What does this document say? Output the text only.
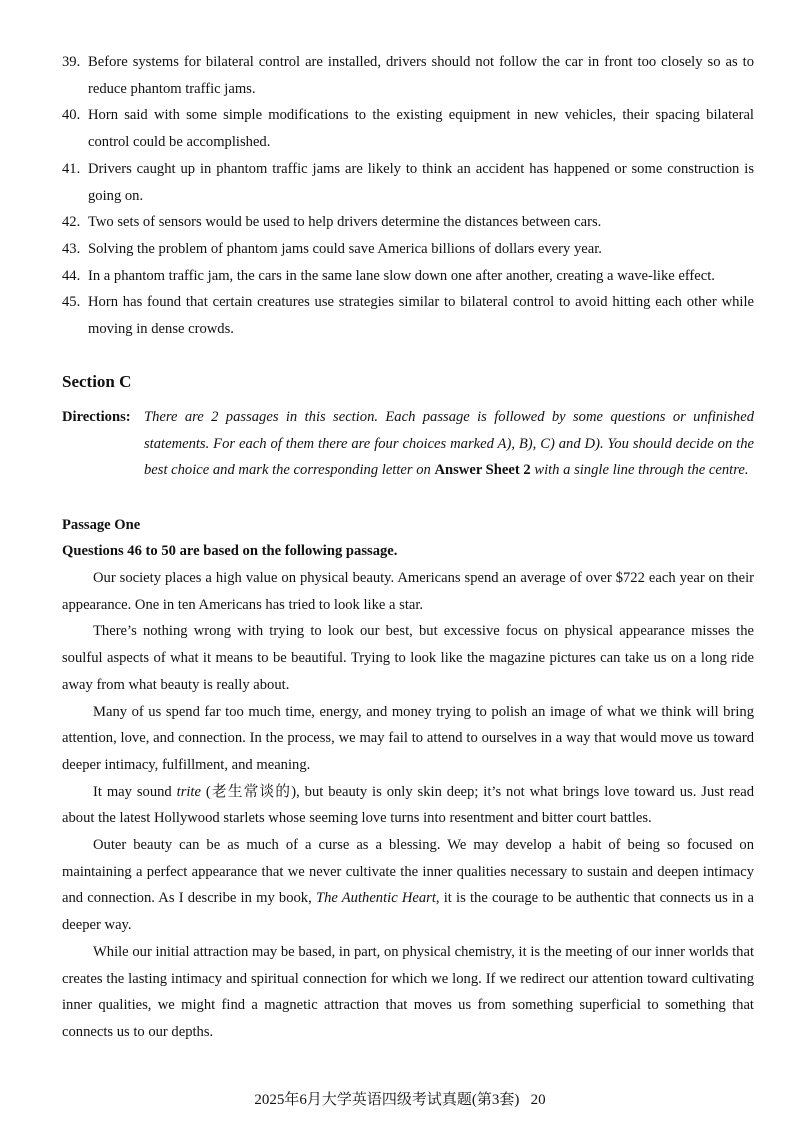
39. Before systems for bilateral control are installed, drivers should not follow the car in front too closely so as to reduce phantom traffic jams.
40. Horn said with some simple modifications to the existing equipment in new vehicles, their spacing bilateral control could be accomplished.
41. Drivers caught up in phantom traffic jams are likely to think an accident has happened or some construction is going on.
42. Two sets of sensors would be used to help drivers determine the distances between cars.
43. Solving the problem of phantom jams could save America billions of dollars every year.
44. In a phantom traffic jam, the cars in the same lane slow down one after another, creating a wave-like effect.
45. Horn has found that certain creatures use strategies similar to bilateral control to avoid hitting each other while moving in dense crowds.
Section C
Directions: There are 2 passages in this section. Each passage is followed by some questions or unfinished statements. For each of them there are four choices marked A), B), C) and D). You should decide on the best choice and mark the corresponding letter on Answer Sheet 2 with a single line through the centre.
Passage One
Questions 46 to 50 are based on the following passage.

Our society places a high value on physical beauty. Americans spend an average of over $722 each year on their appearance. One in ten Americans has tried to look like a star.

There’s nothing wrong with trying to look our best, but excessive focus on physical appearance misses the soulful aspects of what it means to be beautiful. Trying to look like the magazine pictures can take us on a long ride away from what beauty is really about.

Many of us spend far too much time, energy, and money trying to polish an image of what we think will bring attention, love, and connection. In the process, we may fail to attend to ourselves in a way that would move us toward deeper intimacy, fulfillment, and meaning.

It may sound trite (老生常谈的), but beauty is only skin deep; it’s not what brings love toward us. Just read about the latest Hollywood starlets whose seeming love turns into resentment and bitter court battles.

Outer beauty can be as much of a curse as a blessing. We may develop a habit of being so focused on maintaining a perfect appearance that we never cultivate the inner qualities necessary to sustain and deepen intimacy and connection. As I describe in my book, The Authentic Heart, it is the courage to be authentic that connects us in a deeper way.

While our initial attraction may be based, in part, on physical chemistry, it is the meeting of our inner worlds that creates the lasting intimacy and spiritual connection for which we long. If we redirect our attention toward cultivating inner qualities, we might find a magnetic attraction that moves us from something superficial to something that connects us to our depths.

2025年6月大学英语四级考试真题(第3套) 20
